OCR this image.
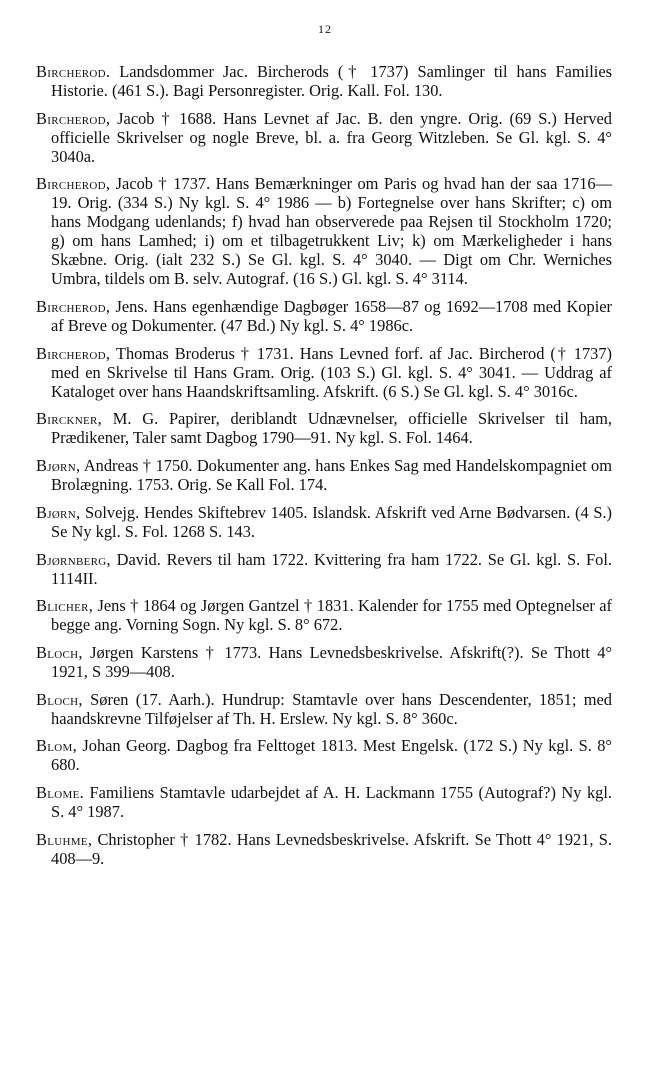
12

Bircherod. Landsdommer Jac. Bircherods († 1737) Samlinger til hans Families Historie. (461 S.). Bagi Personregister. Orig. Kall. Fol. 130.

Bircherod, Jacob † 1688. Hans Levnet af Jac. B. den yngre. Orig. (69 S.) Herved officielle Skrivelser og nogle Breve, bl. a. fra Georg Witzleben. Se Gl. kgl. S. 4° 3040a.

Bircherod, Jacob † 1737. Hans Bemærkninger om Paris og hvad han der saa 1716—19. Orig. (334 S.) Ny kgl. S. 4° 1986 — b) Fortegnelse over hans Skrifter; c) om hans Modgang udenlands; f) hvad han observerede paa Rejsen til Stockholm 1720; g) om hans Lamhed; i) om et tilbagetrukkent Liv; k) om Mærkeligheder i hans Skæbne. Orig. (ialt 232 S.) Se Gl. kgl. S. 4° 3040. — Digt om Chr. Werniches Umbra, tildels om B. selv. Autograf. (16 S.) Gl. kgl. S. 4° 3114.

Bircherod, Jens. Hans egenhændige Dagbøger 1658—87 og 1692—1708 med Kopier af Breve og Dokumenter. (47 Bd.) Ny kgl. S. 4° 1986c.

Bircherod, Thomas Broderus † 1731. Hans Levned forf. af Jac. Bircherod († 1737) med en Skrivelse til Hans Gram. Orig. (103 S.) Gl. kgl. S. 4° 3041. — Uddrag af Kataloget over hans Haandskriftsamling. Afskrift. (6 S.) Se Gl. kgl. S. 4° 3016c.

Birckner, M. G. Papirer, deriblandt Udnævnelser, officielle Skrivelser til ham, Prædikener, Taler samt Dagbog 1790—91. Ny kgl. S. Fol. 1464.

Bjørn, Andreas † 1750. Dokumenter ang. hans Enkes Sag med Handelskompagniet om Brolægning. 1753. Orig. Se Kall Fol. 174.

Bjørn, Solvejg. Hendes Skiftebrev 1405. Islandsk. Afskrift ved Arne Bødvarsen. (4 S.) Se Ny kgl. S. Fol. 1268 S. 143.

Bjørnberg, David. Revers til ham 1722. Kvittering fra ham 1722. Se Gl. kgl. S. Fol. 1114II.

Blicher, Jens † 1864 og Jørgen Gantzel † 1831. Kalender for 1755 med Optegnelser af begge ang. Vorning Sogn. Ny kgl. S. 8° 672.

Bloch, Jørgen Karstens † 1773. Hans Levnedsbeskrivelse. Afskrift(?). Se Thott 4° 1921, S 399—408.

Bloch, Søren (17. Aarh.). Hundrup: Stamtavle over hans Descendenter, 1851; med haandskrevne Tilføjelser af Th. H. Erslew. Ny kgl. S. 8° 360c.

Blom, Johan Georg. Dagbog fra Felttoget 1813. Mest Engelsk. (172 S.) Ny kgl. S. 8° 680.

Blome. Familiens Stamtavle udarbejdet af A. H. Lackmann 1755 (Autograf?) Ny kgl. S. 4° 1987.

Bluhme, Christopher † 1782. Hans Levnedsbeskrivelse. Afskrift. Se Thott 4° 1921, S. 408—9.
